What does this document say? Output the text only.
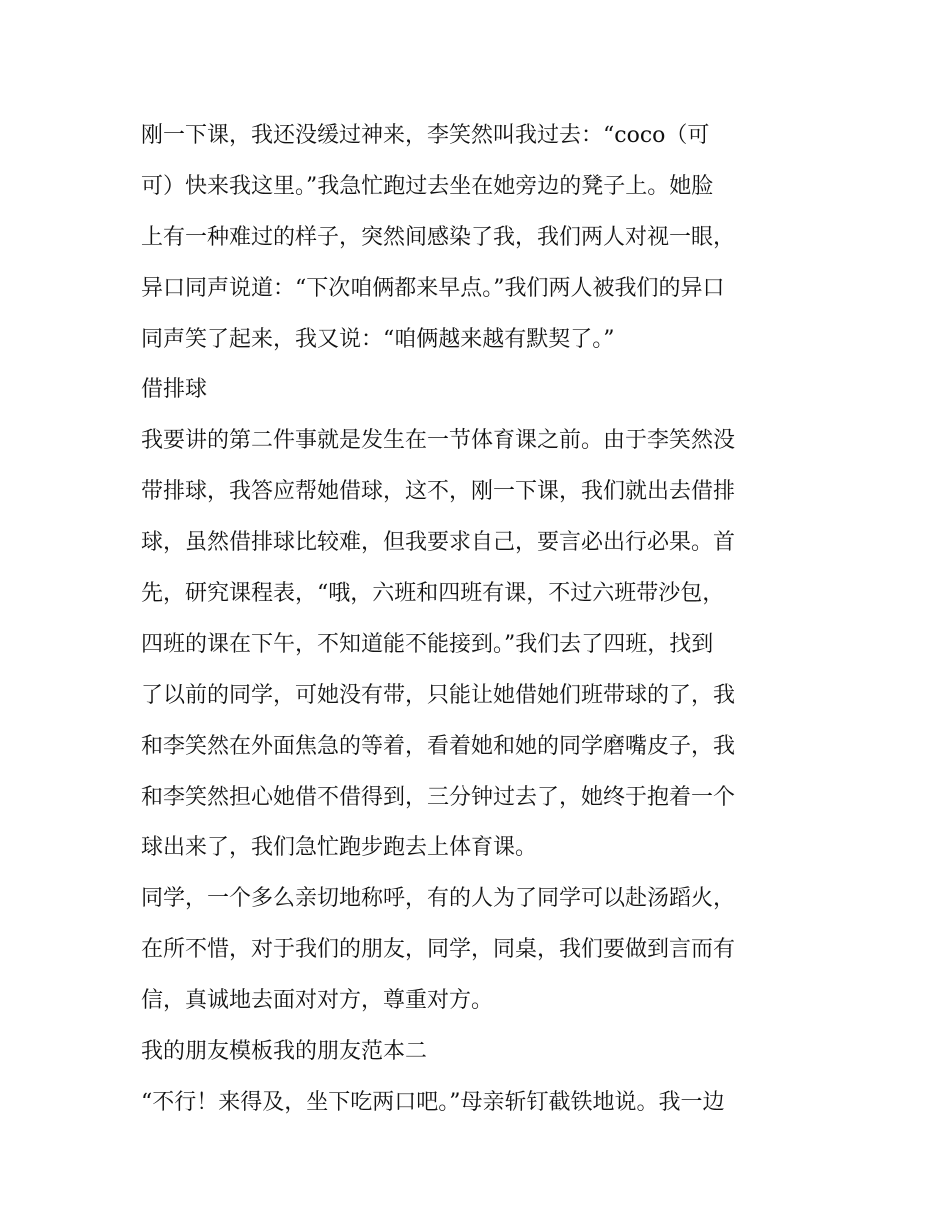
刚一下课，我还没缓过神来，李笑然叫我过去：“coco（可
可）快来我这里。”我急忙跑过去坐在她旁边的凳子上。她脸
上有一种难过的样子，突然间感染了我，我们两人对视一眼，
异口同声说道：“下次咱俩都来早点。”我们两人被我们的异口
同声笑了起来，我又说：“咱俩越来越有默契了。”
借排球
我要讲的第二件事就是发生在一节体育课之前。由于李笑然没
带排球，我答应帮她借球，这不，刚一下课，我们就出去借排
球，虽然借排球比较难，但我要求自己，要言必出行必果。首
先，研究课程表，“哦，六班和四班有课，不过六班带沙包，
四班的课在下午，不知道能不能接到。”我们去了四班，找到
了以前的同学，可她没有带，只能让她借她们班带球的了，我
和李笑然在外面焦急的等着，看着她和她的同学磨嘴皮子，我
和李笑然担心她借不借得到，三分钟过去了，她终于抱着一个
球出来了，我们急忙跑步跑去上体育课。
同学，一个多么亲切地称呼，有的人为了同学可以赴汤蹈火，
在所不惜，对于我们的朋友，同学，同桌，我们要做到言而有
信，真诚地去面对对方，尊重对方。
我的朋友模板我的朋友范本二
“不行！来得及，坐下吃两口吧。”母亲斩钉截铁地说。我一边
